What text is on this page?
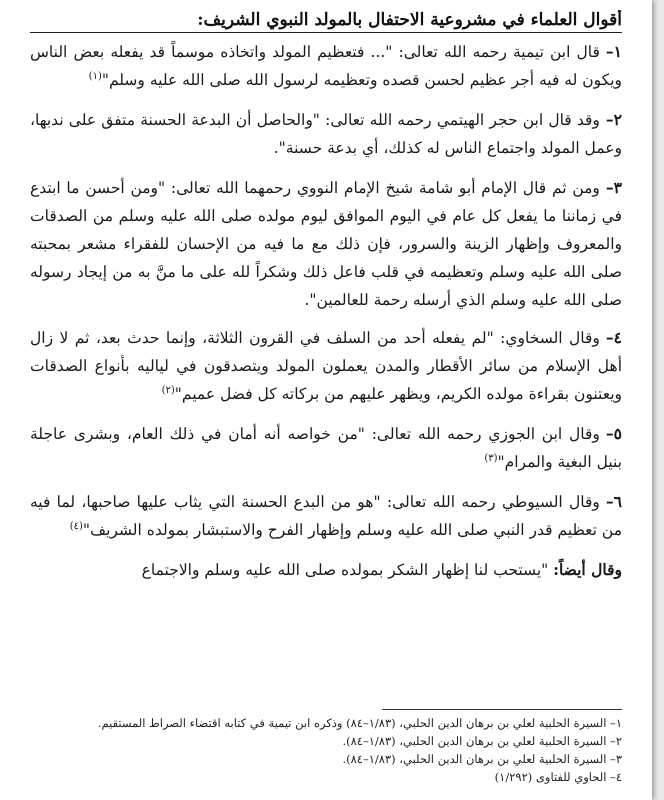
أقوال العلماء في مشروعية الاحتفال بالمولد النبوي الشريف:

١–قال ابن تيمية رحمه الله تعالى: "... فتعظيم المولد واتخاذه موسماً قد يفعله بعض الناس ويكون له فيه أجر عظيم لحسن قصده وتعظيمه لرسول الله صلى الله عليه وسلم"$^{(١)}$

٢–وقد قال ابن حجر الهيتمي رحمه الله تعالى: "والحاصل أن البدعة الحسنة متفق على ندبها، وعمل المولد واجتماع الناس له كذلك، أي بدعة حسنة".

٣–ومن ثم قال الإمام أبو شامة شيخ الإمام النووي رحمهما الله تعالى: "ومن أحسن ما ابتدع في زماننا ما يفعل كل عام في اليوم الموافق ليوم مولده صلى الله عليه وسلم من الصدقات والمعروف وإظهار الزينة والسرور، فإن ذلك مع ما فيه من الإحسان للفقراء مشعر بمحبته صلى الله عليه وسلم وتعظيمه في قلب فاعل ذلك وشكراً لله على ما منَّ به من إيجاد رسوله صلى الله عليه وسلم الذي أرسله رحمة للعالمين".

٤–وقال السخاوي: "لم يفعله أحد من السلف في القرون الثلاثة، وإنما حدث بعد، ثم لا زال أهل الإسلام من سائر الأقطار والمدن يعملون المولد ويتصدقون في لياليه بأنواع الصدقات ويعتنون بقراءة مولده الكريم، ويظهر عليهم من بركاته كل فضل عميم"$^{(٢)}$

٥–وقال ابن الجوزي رحمه الله تعالى: "من خواصه أنه أمان في ذلك العام، وبشرى عاجلة بنيل البغية والمرام"$^{(٣)}$

٦–وقال السيوطي رحمه الله تعالى: "هو من البدع الحسنة التي يثاب عليها صاحبها، لما فيه من تعظيم قدر النبي صلى الله عليه وسلم وإظهار الفرح والاستبشار بمولده الشريف"$^{(٤)}$

وقال أيضاً: "يستحب لنا إظهار الشكر بمولده صلى الله عليه وسلم والاجتماع

١– السيرة الحلبية لعلي بن برهان الدين الحلبي، (١/٨٣–٨٤) وذكره ابن تيمية في كتابه اقتضاء الصراط المستقيم.
٢– السيرة الحلبية لعلي بن برهان الدين الحلبي، (١/٨٣–٨٤).
٣– السيرة الحلبية لعلي بن برهان الدين الحلبي، (١/٨٣–٨٤).
٤– الحاوي للفتاوى (١/٢٩٢)
